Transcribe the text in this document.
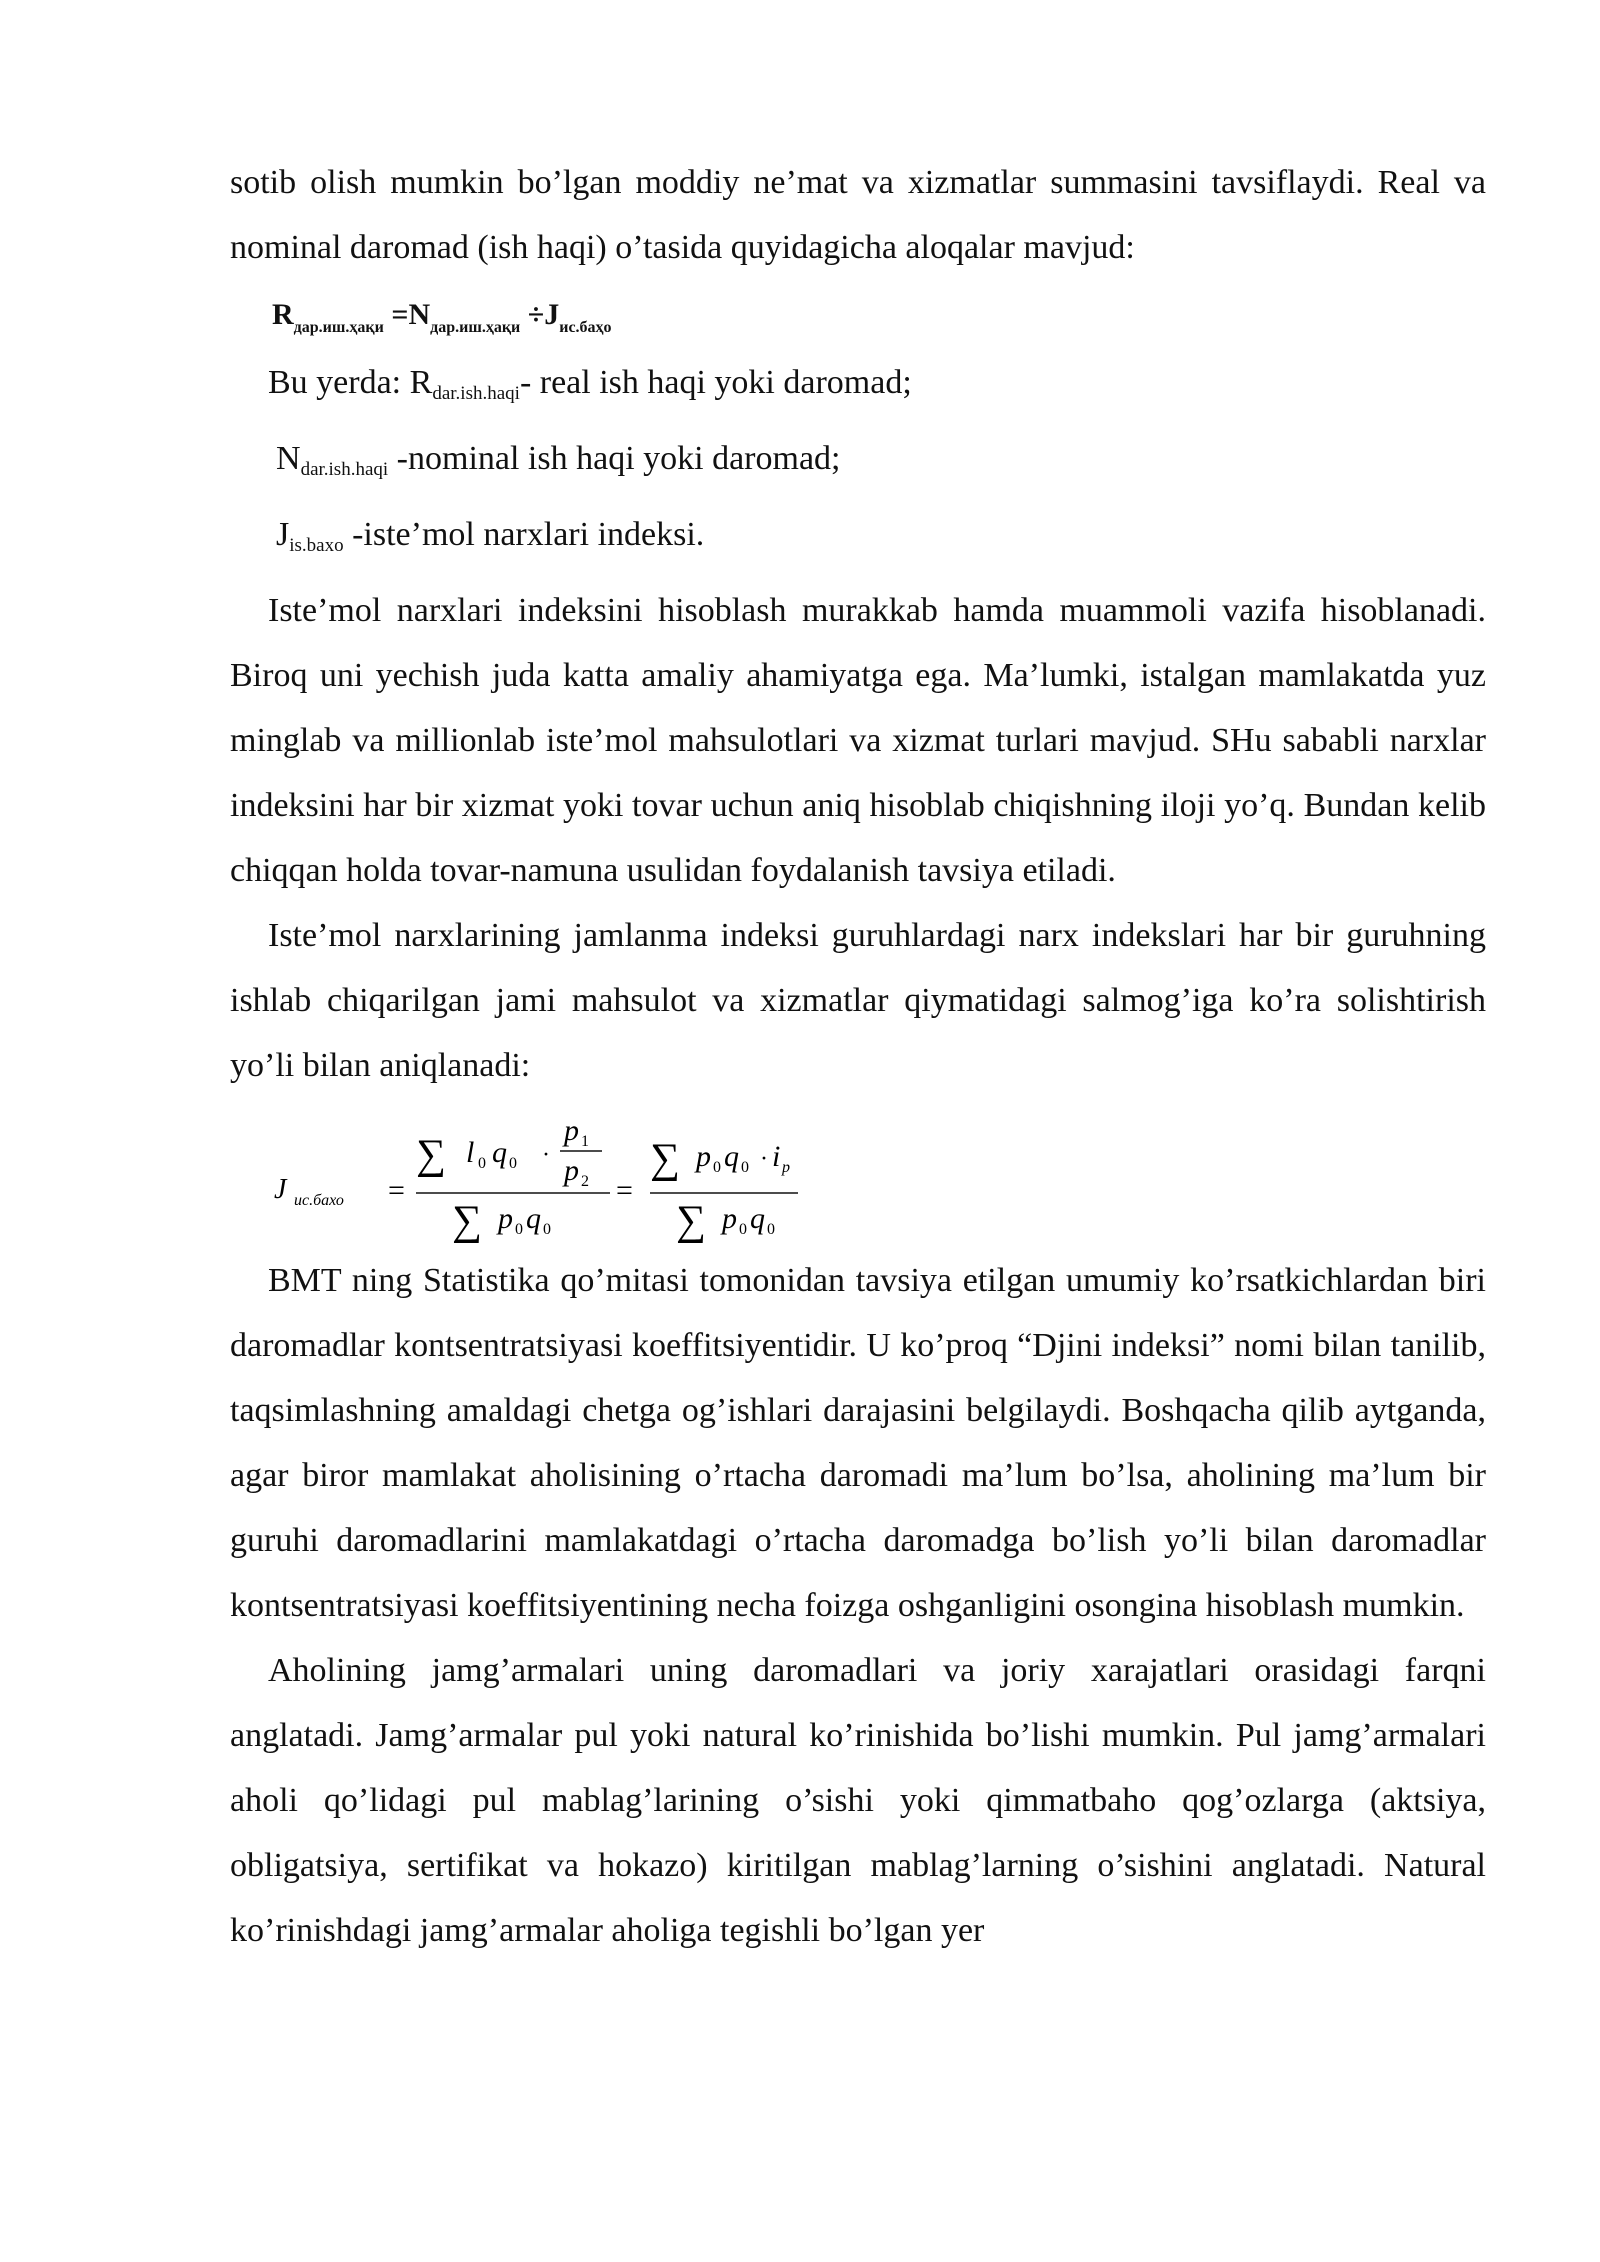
sotib olish mumkin bo’lgan moddiy ne’mat va xizmatlar summasini tavsiflaydi. Real va nominal daromad (ish haqi) o’tasida quyidagicha aloqalar mavjud:

$R_{дар.иш.ҳақи} =N_{дар.иш.ҳақи} \div J_{ис.баҳо}$

Bu yerda: $R_{dar.ish.haqi}-$ real ish haqi yoki daromad;

$N_{dar.ish.haqi}$ -nominal ish haqi yoki daromad;

$J_{is.baxo}$ -iste’mol narxlari indeksi.

Iste’mol narxlari indeksini hisoblash murakkab hamda muammoli vazifa hisoblanadi. Biroq uni yechish juda katta amaliy ahamiyatga ega. Ma’lumki, istalgan mamlakatda yuz minglab va millionlab iste’mol mahsulotlari va xizmat turlari mavjud. SHu sababli narxlar indeksini har bir xizmat yoki tovar uchun aniq hisoblab chiqishning iloji yo’q. Bundan kelib chiqqan holda tovar-namuna usulidan foydalanish tavsiya etiladi.

Iste’mol narxlarining jamlanma indeksi guruhlardagi narx indekslari har bir guruhning ishlab chiqarilgan jami mahsulot va xizmatlar qiymatidagi salmog’iga ko’ra solishtirish yo’li bilan aniqlanadi:

J ис.бахо =
∑ l 0 q 0 ·
p 1
p 2
∑ p 0 q 0
=
∑ p 0 q 0 · i p
∑ p 0 q 0

BMT ning Statistika qo’mitasi tomonidan tavsiya etilgan umumiy ko’rsatkichlardan biri daromadlar kontsentratsiyasi koeffitsiyentidir. U ko’proq “Djini indeksi” nomi bilan tanilib, taqsimlashning amaldagi chetga og’ishlari darajasini belgilaydi. Boshqacha qilib aytganda, agar biror mamlakat aholisining o’rtacha daromadi ma’lum bo’lsa, aholining ma’lum bir guruhi daromadlarini mamlakatdagi o’rtacha daromadga bo’lish yo’li bilan daromadlar kontsentratsiyasi koeffitsiyentining necha foizga oshganligini osongina hisoblash mumkin.

Aholining jamg’armalari uning daromadlari va joriy xarajatlari orasidagi farqni anglatadi. Jamg’armalar pul yoki natural ko’rinishida bo’lishi mumkin. Pul jamg’armalari aholi qo’lidagi pul mablag’larining o’sishi yoki qimmatbaho qog’ozlarga (aktsiya, obligatsiya, sertifikat va hokazo) kiritilgan mablag’larning o’sishini anglatadi. Natural ko’rinishdagi jamg’armalar aholiga tegishli bo’lgan yer
